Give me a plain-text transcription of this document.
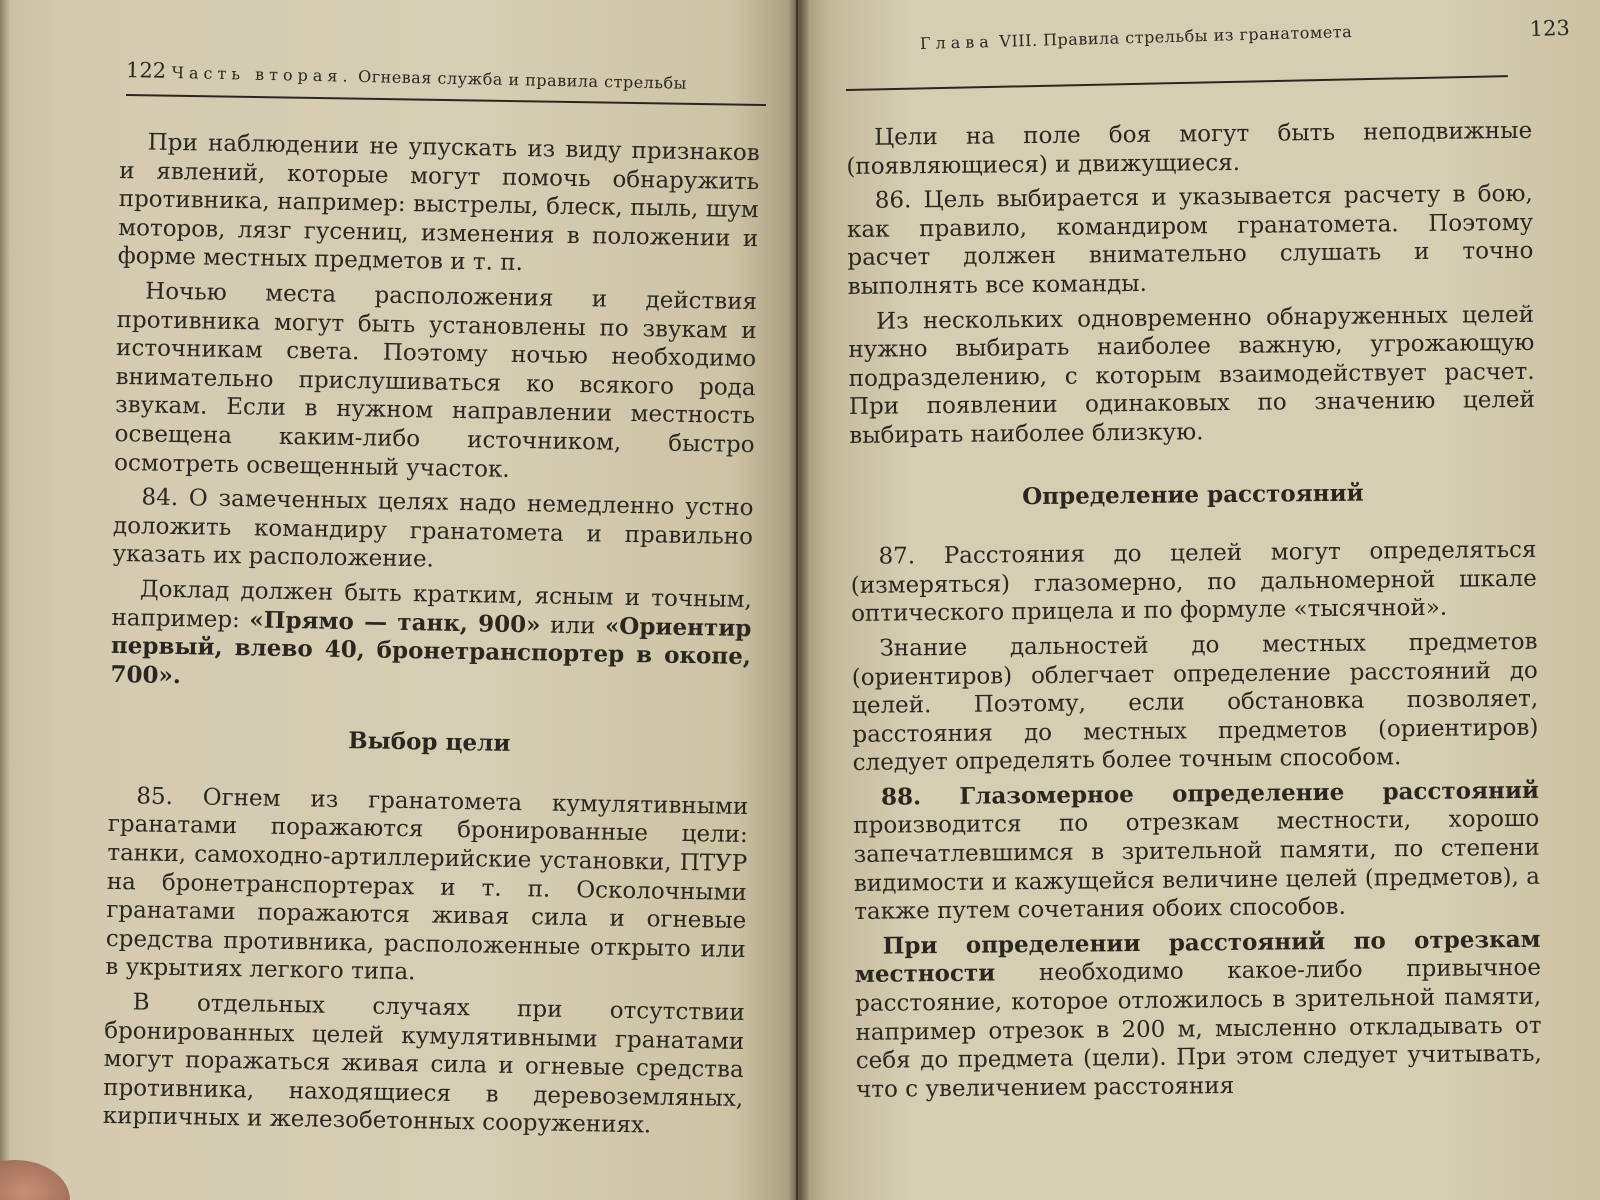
122 Часть вторая. Огневая служба и правила стрельбы

При наблюдении не упускать из виду признаков и явлений, которые могут помочь обнаружить противника, например: выстрелы, блеск, пыль, шум моторов, лязг гусениц, изменения в положении и форме местных предметов и т. п.

Ночью места расположения и действия противника могут быть установлены по звукам и источникам света. Поэтому ночью необходимо внимательно прислушиваться ко всякого рода звукам. Если в нужном направлении местность освещена каким-либо источником, быстро осмотреть освещенный участок.

84. О замеченных целях надо немедленно устно доложить командиру гранатомета и правильно указать их расположение.

Доклад должен быть кратким, ясным и точным, например: «Прямо — танк, 900» или «Ориентир первый, влево 40, бронетранспортер в окопе, 700».

Выбор цели

85. Огнем из гранатомета кумулятивными гранатами поражаются бронированные цели: танки, самоходно-артиллерийские установки, ПТУР на бронетранспортерах и т. п. Осколочными гранатами поражаются живая сила и огневые средства противника, расположенные открыто или в укрытиях легкого типа.

В отдельных случаях при отсутствии бронированных целей кумулятивными гранатами могут поражаться живая сила и огневые средства противника, находящиеся в деревоземляных, кирпичных и железобетонных сооружениях.

Глава VIII. Правила стрельбы из гранатомета	123

Цели на поле боя могут быть неподвижные (появляющиеся) и движущиеся.

86. Цель выбирается и указывается расчету в бою, как правило, командиром гранатомета. Поэтому расчет должен внимательно слушать и точно выполнять все команды.

Из нескольких одновременно обнаруженных целей нужно выбирать наиболее важную, угрожающую подразделению, с которым взаимодействует расчет. При появлении одинаковых по значению целей выбирать наиболее близкую.

Определение расстояний

87. Расстояния до целей могут определяться (измеряться) глазомерно, по дальномерной шкале оптического прицела и по формуле «тысячной».

Знание дальностей до местных предметов (ориентиров) облегчает определение расстояний до целей. Поэтому, если обстановка позволяет, расстояния до местных предметов (ориентиров) следует определять более точным способом.

88. Глазомерное определение расстояний производится по отрезкам местности, хорошо запечатлевшимся в зрительной памяти, по степени видимости и кажущейся величине целей (предметов), а также путем сочетания обоих способов.

При определении расстояний по отрезкам местности необходимо какое-либо привычное расстояние, которое отложилось в зрительной памяти, например отрезок в 200 м, мысленно откладывать от себя до предмета (цели). При этом следует учитывать, что с увеличением расстояния
